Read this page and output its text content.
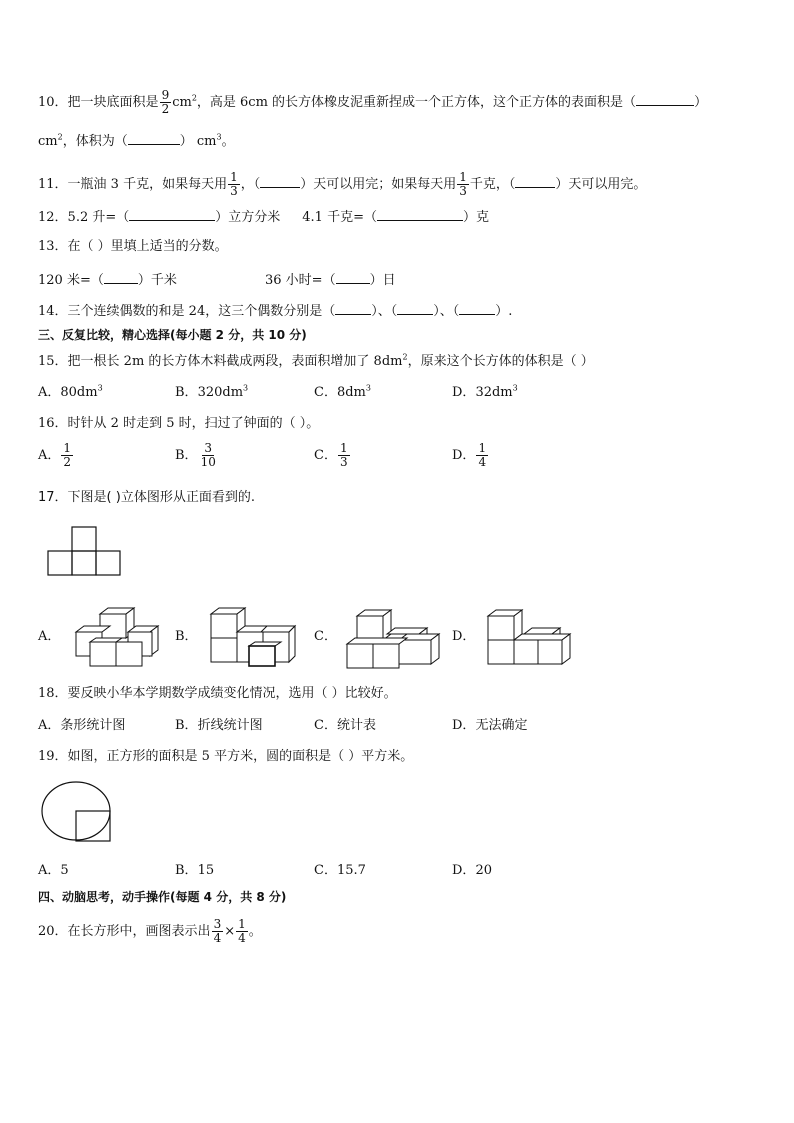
10．把一块底面积是 $\frac{9}{2} cm^2$，高是 6cm 的长方体橡皮泥重新捏成一个正方体，这个正方体的表面积是（	）
$cm^2$，体积为（	） $cm^3$。
11．一瓶油 3 千克，如果每天用 $\frac{1}{3}$ ，（	）天可以用完；如果每天用 $\frac{1}{3}$ 千克，（	）天可以用完。
12．5.2 升=（	）立方分米 4.1 千克=（	）克
13．在（ ）里填上适当的分数。
120 米=（	）千米	36 小时=（	）日
14．三个连续偶数的和是 24，这三个偶数分别是（	）、（	）、（	）.
三、反复比较，精心选择(每小题 2 分，共 10 分)
15．把一根长 2m 的长方体木料截成两段，表面积增加了 $8dm^2$，原来这个长方体的体积是（ ）
A．$80dm^3$	B．$320dm^3$	C．$8dm^3$	D．$32dm^3$
16．时针从 2 时走到 5 时，扫过了钟面的（ ）。
A． $\frac{1}{2}$	B． $\frac{3}{10}$	C． $\frac{1}{3}$	D． $\frac{1}{4}$
17．下图是( )立体图形从正面看到的.
A．	B．	C．	D．
18．要反映小华本学期数学成绩变化情况，选用（ ）比较好。
A．条形统计图	B．折线统计图	C．统计表	D．无法确定
19．如图，正方形的面积是 5 平方米，圆的面积是（ ）平方米。
A．5	B．15	C．15.7	D．20
四、动脑思考，动手操作(每题 4 分，共 8 分)
20．在长方形中，画图表示出 $\frac{3}{4} \times \frac{1}{4}$ 。
